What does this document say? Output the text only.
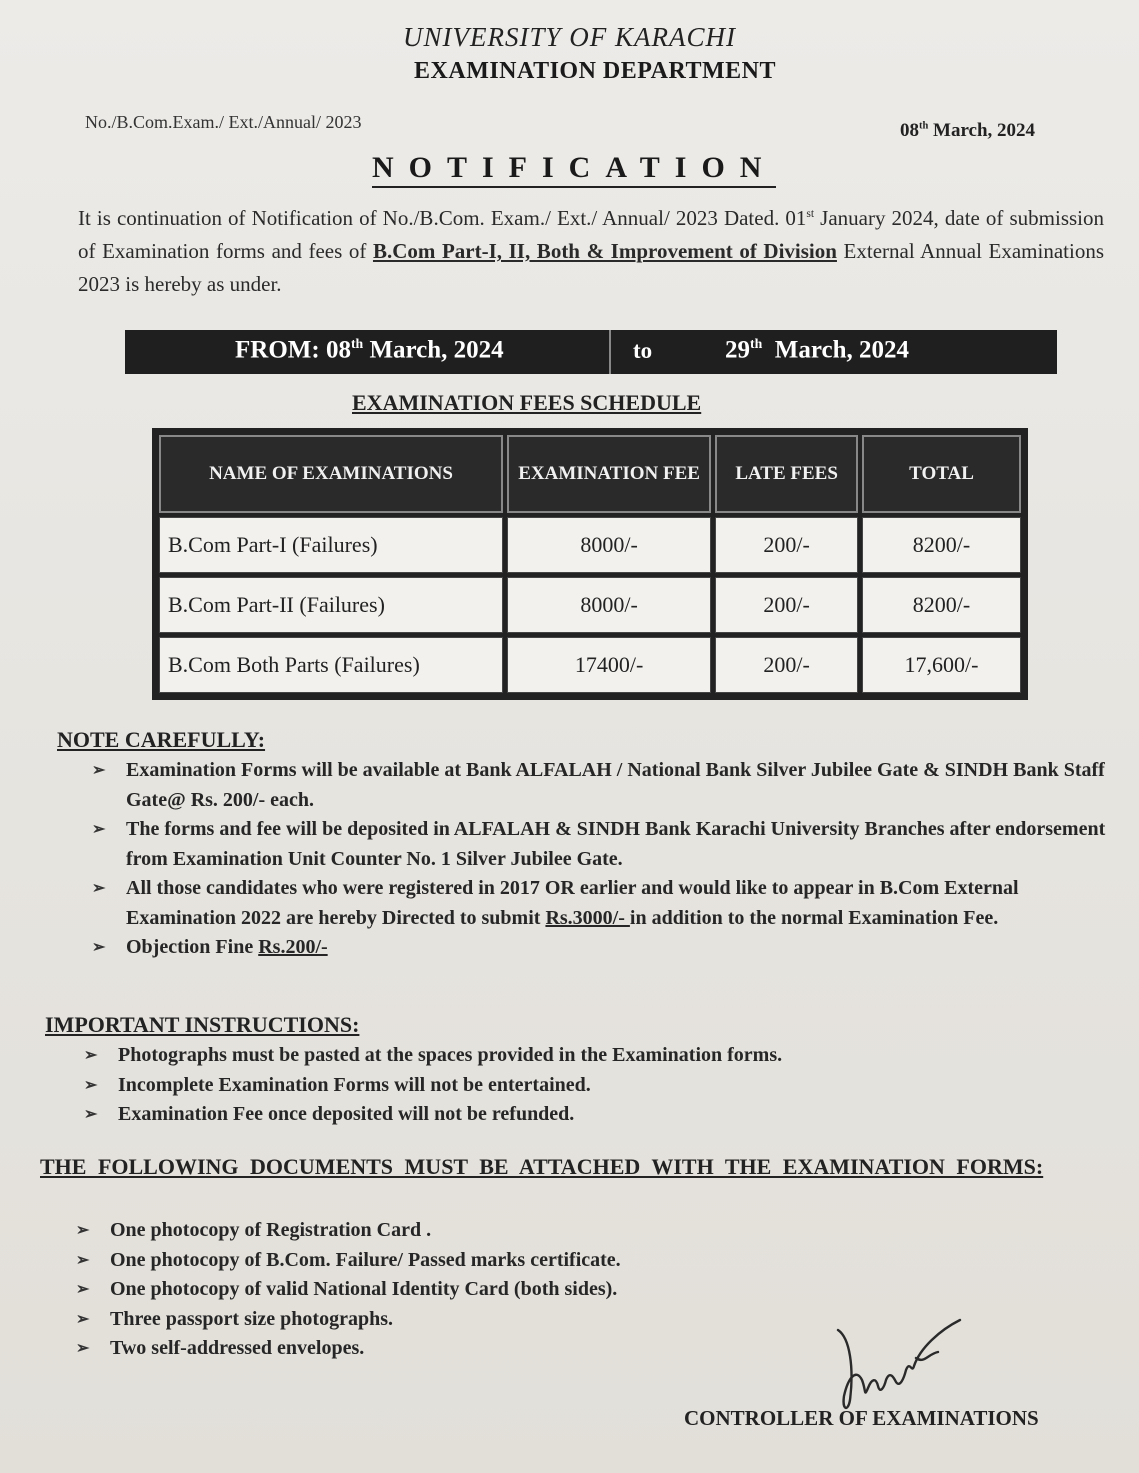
UNIVERSITY OF KARACHI
EXAMINATION DEPARTMENT
No./B.Com.Exam./ Ext./Annual/ 2023	08th March, 2024
NOTIFICATION
It is continuation of Notification of No./B.Com. Exam./ Ext./ Annual/ 2023 Dated. 01st January 2024, date of submission of Examination forms and fees of B.Com Part-I, II, Both & Improvement of Division External Annual Examinations 2023 is hereby as under.
FROM: 08th March, 2024	to	29th  March, 2024
EXAMINATION FEES SCHEDULE
NAME OF EXAMINATIONS	EXAMINATION FEE	LATE FEES	TOTAL
B.Com Part-I (Failures)	8000/-	200/-	8200/-
B.Com Part-II (Failures)	8000/-	200/-	8200/-
B.Com Both Parts (Failures)	17400/-	200/-	17,600/-
NOTE CAREFULLY:
➢ Examination Forms will be available at Bank ALFALAH / National Bank Silver Jubilee Gate & SINDH Bank Staff Gate@ Rs. 200/- each.
➢ The forms and fee will be deposited in ALFALAH & SINDH Bank Karachi University Branches after endorsement from Examination Unit Counter No. 1 Silver Jubilee Gate.
➢ All those candidates who were registered in 2017 OR earlier and would like to appear in B.Com External Examination 2022 are hereby Directed to submit Rs.3000/- in addition to the normal Examination Fee.
➢ Objection Fine Rs.200/-
IMPORTANT INSTRUCTIONS:
➢ Photographs must be pasted at the spaces provided in the Examination forms.
➢ Incomplete Examination Forms will not be entertained.
➢ Examination Fee once deposited will not be refunded.
THE FOLLOWING DOCUMENTS MUST BE ATTACHED WITH THE EXAMINATION FORMS:
➢ One photocopy of Registration Card .
➢ One photocopy of B.Com. Failure/ Passed marks certificate.
➢ One photocopy of valid National Identity Card (both sides).
➢ Three passport size photographs.
➢ Two self-addressed envelopes.
CONTROLLER OF EXAMINATIONS
